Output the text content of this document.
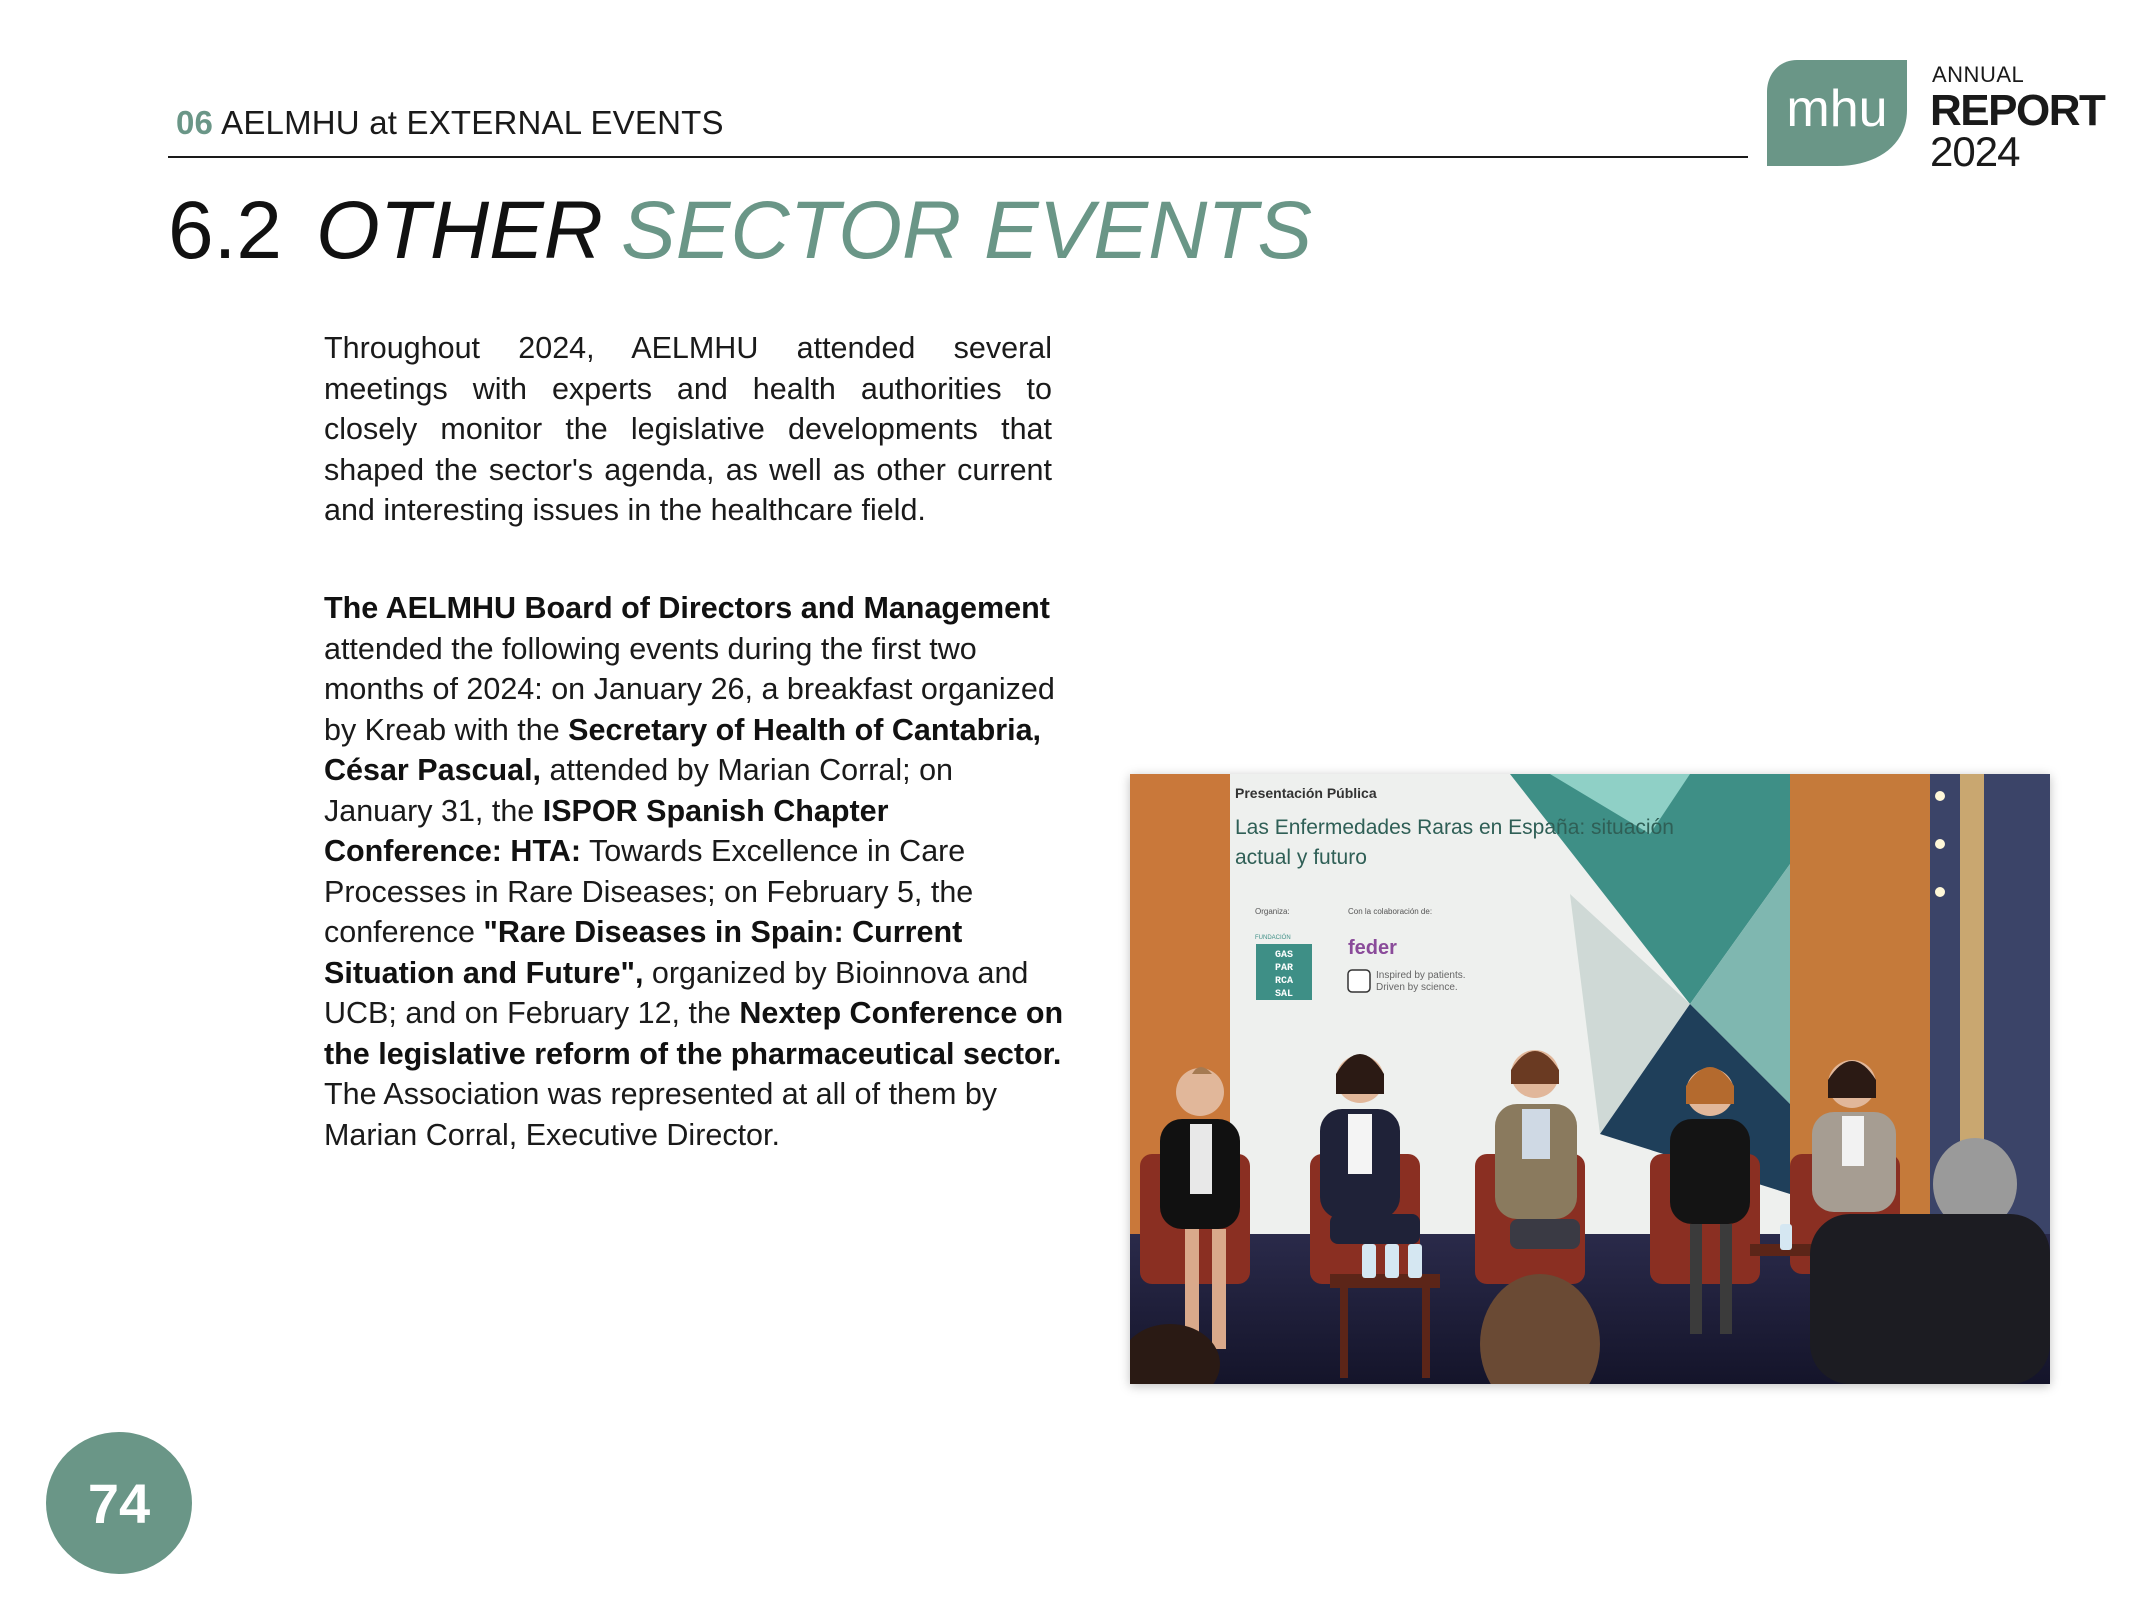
06 AELMHU at EXTERNAL EVENTS	mhu
ANNUAL
REPORT
2024
6.2 OTHER SECTOR EVENTS

Throughout 2024, AELMHU attended several meetings with experts and health authorities to closely monitor the legislative developments that shaped the sector's agenda, as well as other current and interesting issues in the healthcare field.

The AELMHU Board of Directors and Management attended the following events during the first two months of 2024: on January 26, a breakfast organized by Kreab with the Secretary of Health of Cantabria, César Pascual, attended by Marian Corral; on January 31, the ISPOR Spanish Chapter Conference: HTA: Towards Excellence in Care Processes in Rare Diseases; on February 5, the conference "Rare Diseases in Spain: Current Situation and Future", organized by Bioinnova and UCB; and on February 12, the Nextep Conference on the legislative reform of the pharmaceutical sector. The Association was represented at all of them by Marian Corral, Executive Director.

Presentación Pública
Las Enfermedades Raras en España: situación
actual y futuro
Organiza:	Con la colaboración de:
FUNDACIÓN
GAS
PAR
RCA
SAL
feder
Inspired by patients.
Driven by science.
74
